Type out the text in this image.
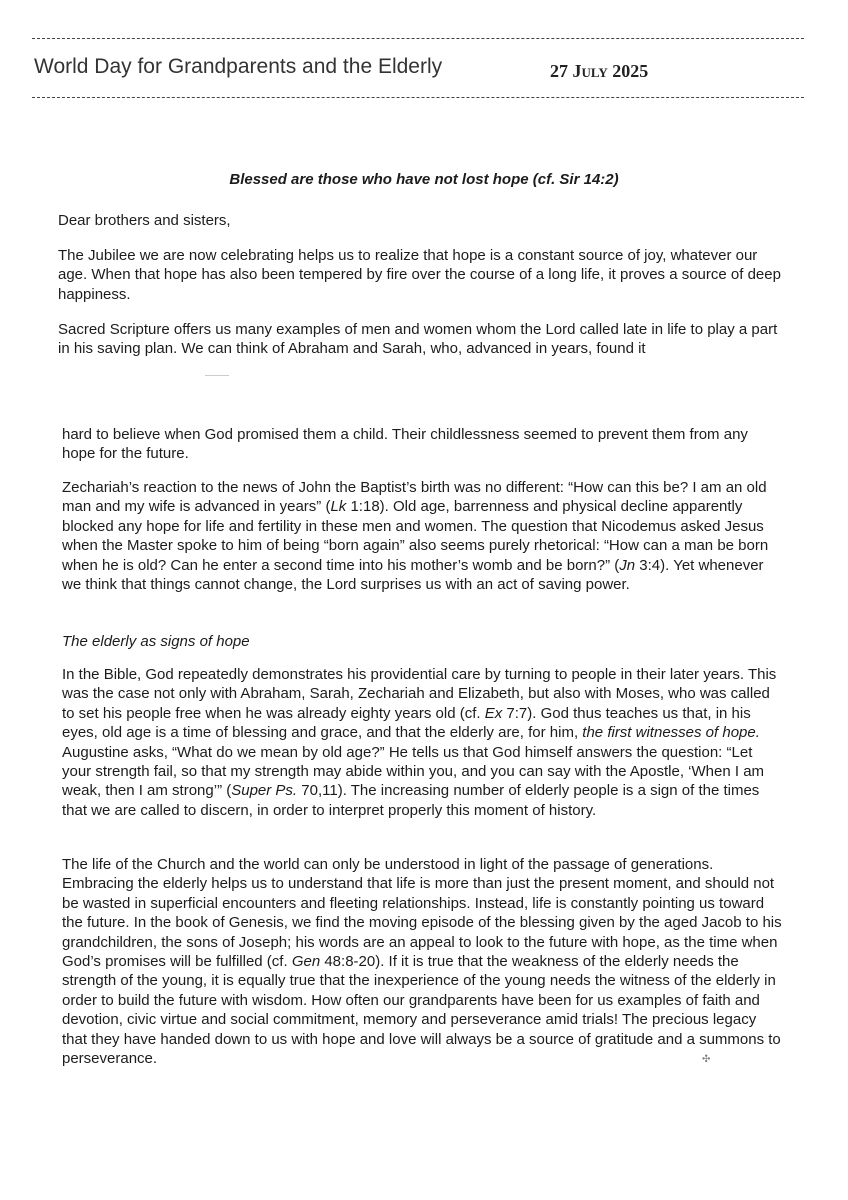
World Day for Grandparents and the Elderly	27 July 2025
Blessed are those who have not lost hope (cf. Sir 14:2)
Dear brothers and sisters,
The Jubilee we are now celebrating helps us to realize that hope is a constant source of joy, whatever our age. When that hope has also been tempered by fire over the course of a long life, it proves a source of deep happiness.
Sacred Scripture offers us many examples of men and women whom the Lord called late in life to play a part in his saving plan. We can think of Abraham and Sarah, who, advanced in years, found it
hard to believe when God promised them a child. Their childlessness seemed to prevent them from any hope for the future.
Zechariah’s reaction to the news of John the Baptist’s birth was no different: “How can this be? I am an old man and my wife is advanced in years” (Lk 1:18). Old age, barrenness and physical decline apparently blocked any hope for life and fertility in these men and women. The question that Nicodemus asked Jesus when the Master spoke to him of being “born again” also seems purely rhetorical: “How can a man be born when he is old? Can he enter a second time into his mother’s womb and be born?” (Jn 3:4). Yet whenever we think that things cannot change, the Lord surprises us with an act of saving power.
The elderly as signs of hope
In the Bible, God repeatedly demonstrates his providential care by turning to people in their later years. This was the case not only with Abraham, Sarah, Zechariah and Elizabeth, but also with Moses, who was called to set his people free when he was already eighty years old (cf. Ex 7:7). God thus teaches us that, in his eyes, old age is a time of blessing and grace, and that the elderly are, for him, the first witnesses of hope. Augustine asks, “What do we mean by old age?” He tells us that God himself answers the question: “Let your strength fail, so that my strength may abide within you, and you can say with the Apostle, ‘When I am weak, then I am strong’” (Super Ps. 70,11). The increasing number of elderly people is a sign of the times that we are called to discern, in order to interpret properly this moment of history.
The life of the Church and the world can only be understood in light of the passage of generations. Embracing the elderly helps us to understand that life is more than just the present moment, and should not be wasted in superficial encounters and fleeting relationships. Instead, life is constantly pointing us toward the future. In the book of Genesis, we find the moving episode of the blessing given by the aged Jacob to his grandchildren, the sons of Joseph; his words are an appeal to look to the future with hope, as the time when God’s promises will be fulfilled (cf. Gen 48:8-20). If it is true that the weakness of the elderly needs the strength of the young, it is equally true that the inexperience of the young needs the witness of the elderly in order to build the future with wisdom. How often our grandparents have been for us examples of faith and devotion, civic virtue and social commitment, memory and perseverance amid trials! The precious legacy that they have handed down to us with hope and love will always be a source of gratitude and a summons to perseverance.	✣
